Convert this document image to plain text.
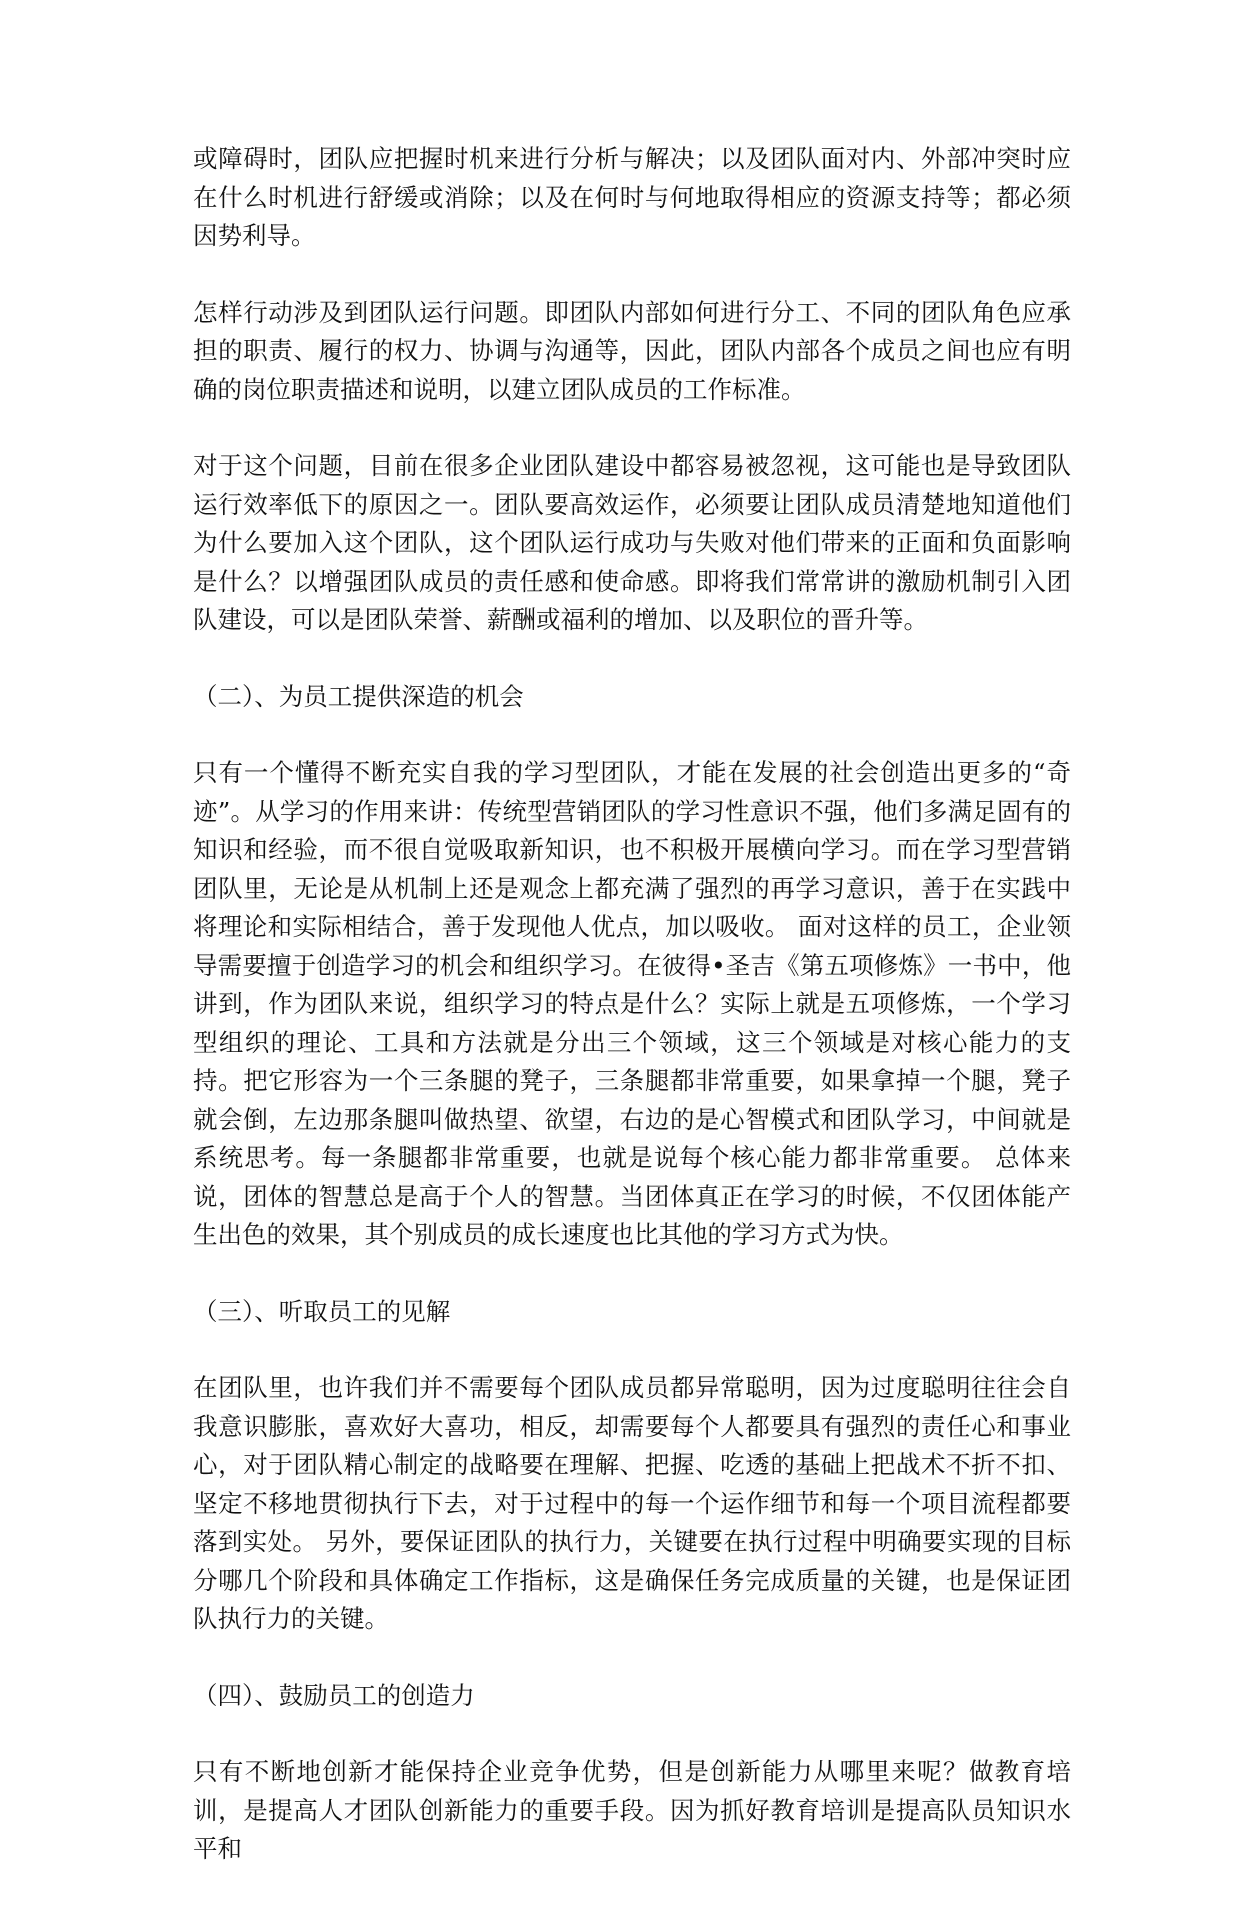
或障碍时，团队应把握时机来进行分析与解决；以及团队面对内、外部冲突时应在什么时机进行舒缓或消除；以及在何时与何地取得相应的资源支持等；都必须因势利导。

怎样行动涉及到团队运行问题。即团队内部如何进行分工、不同的团队角色应承担的职责、履行的权力、协调与沟通等，因此，团队内部各个成员之间也应有明确的岗位职责描述和说明，以建立团队成员的工作标准。

对于这个问题，目前在很多企业团队建设中都容易被忽视，这可能也是导致团队运行效率低下的原因之一。团队要高效运作，必须要让团队成员清楚地知道他们为什么要加入这个团队，这个团队运行成功与失败对他们带来的正面和负面影响是什么？以增强团队成员的责任感和使命感。即将我们常常讲的激励机制引入团队建设，可以是团队荣誉、薪酬或福利的增加、以及职位的晋升等。

（二）、为员工提供深造的机会

只有一个懂得不断充实自我的学习型团队，才能在发展的社会创造出更多的“奇迹”。从学习的作用来讲：传统型营销团队的学习性意识不强，他们多满足固有的知识和经验，而不很自觉吸取新知识，也不积极开展横向学习。而在学习型营销团队里，无论是从机制上还是观念上都充满了强烈的再学习意识，善于在实践中将理论和实际相结合，善于发现他人优点，加以吸收。 面对这样的员工，企业领导需要擅于创造学习的机会和组织学习。在彼得•圣吉《第五项修炼》一书中，他讲到，作为团队来说，组织学习的特点是什么？实际上就是五项修炼，一个学习型组织的理论、工具和方法就是分出三个领域，这三个领域是对核心能力的支持。把它形容为一个三条腿的凳子，三条腿都非常重要，如果拿掉一个腿，凳子就会倒，左边那条腿叫做热望、欲望，右边的是心智模式和团队学习，中间就是系统思考。每一条腿都非常重要，也就是说每个核心能力都非常重要。 总体来说，团体的智慧总是高于个人的智慧。当团体真正在学习的时候，不仅团体能产生出色的效果，其个别成员的成长速度也比其他的学习方式为快。

（三）、听取员工的见解

在团队里，也许我们并不需要每个团队成员都异常聪明，因为过度聪明往往会自我意识膨胀，喜欢好大喜功，相反，却需要每个人都要具有强烈的责任心和事业心，对于团队精心制定的战略要在理解、把握、吃透的基础上把战术不折不扣、坚定不移地贯彻执行下去，对于过程中的每一个运作细节和每一个项目流程都要落到实处。 另外，要保证团队的执行力，关键要在执行过程中明确要实现的目标分哪几个阶段和具体确定工作指标，这是确保任务完成质量的关键，也是保证团队执行力的关键。

（四）、鼓励员工的创造力

只有不断地创新才能保持企业竞争优势，但是创新能力从哪里来呢？做教育培训，是提高人才团队创新能力的重要手段。因为抓好教育培训是提高队员知识水平和
